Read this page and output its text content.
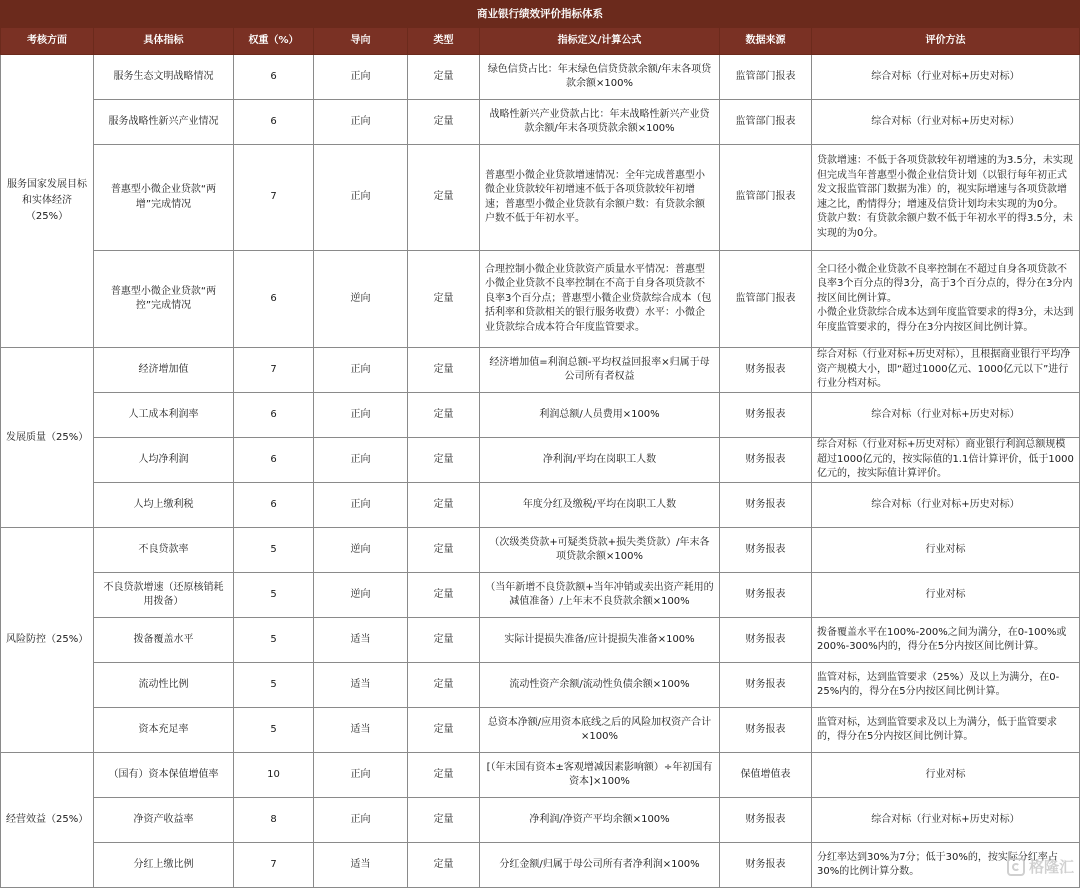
商业银行绩效评价指标体系							
考核方面	具体指标	权重（%）	导向	类型	指标定义/计算公式	数据来源	评价方法
服务国家发展目标和实体经济（25%）	服务生态文明战略情况	6	正向	定量	绿色信贷占比：年末绿色信贷贷款余额/年末各项贷款余额×100%	监管部门报表	综合对标（行业对标+历史对标）
	服务战略性新兴产业情况	6	正向	定量	战略性新兴产业贷款占比：年末战略性新兴产业贷款余额/年末各项贷款余额×100%	监管部门报表	综合对标（行业对标+历史对标）
	普惠型小微企业贷款“两增”完成情况	7	正向	定量	普惠型小微企业贷款增速情况：全年完成普惠型小微企业贷款较年初增速不低于各项贷款较年初增速；普惠型小微企业贷款有余额户数：有贷款余额户数不低于年初水平。	监管部门报表	贷款增速：不低于各项贷款较年初增速的为3.5分，未实现但完成当年普惠型小微企业信贷计划（以银行每年初正式发文报监管部门数据为准）的，视实际增速与各项贷款增速之比，酌情得分；增速及信贷计划均未实现的为0分。
贷款户数：有贷款余额户数不低于年初水平的得3.5分，未实现的为0分。
	普惠型小微企业贷款“两控”完成情况	6	逆向	定量	合理控制小微企业贷款资产质量水平情况：普惠型小微企业贷款不良率控制在不高于自身各项贷款不良率3个百分点；普惠型小微企业贷款综合成本（包括利率和贷款相关的银行服务收费）水平：小微企业贷款综合成本符合年度监管要求。	监管部门报表	全口径小微企业贷款不良率控制在不超过自身各项贷款不良率3个百分点的得3分，高于3个百分点的，得分在3分内按区间比例计算。
小微企业贷款综合成本达到年度监管要求的得3分，未达到年度监管要求的，得分在3分内按区间比例计算。
发展质量（25%）	经济增加值	7	正向	定量	经济增加值=利润总额-平均权益回报率×归属于母公司所有者权益	财务报表	综合对标（行业对标+历史对标），且根据商业银行平均净资产规模大小，即“超过1000亿元、1000亿元以下”进行行业分档对标。
	人工成本利润率	6	正向	定量	利润总额/人员费用×100%	财务报表	综合对标（行业对标+历史对标）
	人均净利润	6	正向	定量	净利润/平均在岗职工人数	财务报表	综合对标（行业对标+历史对标）商业银行利润总额规模超过1000亿元的，按实际值的1.1倍计算评价，低于1000亿元的，按实际值计算评价。
	人均上缴利税	6	正向	定量	年度分红及缴税/平均在岗职工人数	财务报表	综合对标（行业对标+历史对标）
风险防控（25%）	不良贷款率	5	逆向	定量	（次级类贷款+可疑类贷款+损失类贷款）/年末各项贷款余额×100%	财务报表	行业对标
	不良贷款增速（还原核销耗用拨备）	5	逆向	定量	（当年新增不良贷款额+当年冲销或卖出资产耗用的减值准备）/上年末不良贷款余额×100%	财务报表	行业对标
	拨备覆盖水平	5	适当	定量	实际计提损失准备/应计提损失准备×100%	财务报表	拨备覆盖水平在100%-200%之间为满分，在0-100%或200%-300%内的，得分在5分内按区间比例计算。
	流动性比例	5	适当	定量	流动性资产余额/流动性负债余额×100%	财务报表	监管对标，达到监管要求（25%）及以上为满分，在0-25%内的，得分在5分内按区间比例计算。
	资本充足率	5	适当	定量	总资本净额/应用资本底线之后的风险加权资产合计×100%	财务报表	监管对标，达到监管要求及以上为满分，低于监管要求的，得分在5分内按区间比例计算。
经营效益（25%）	（国有）资本保值增值率	10	正向	定量	[（年末国有资本±客观增减因素影响额）÷年初国有资本]×100%	保值增值表	行业对标
	净资产收益率	8	正向	定量	净利润/净资产平均余额×100%	财务报表	综合对标（行业对标+历史对标）
	分红上缴比例	7	适当	定量	分红金额/归属于母公司所有者净利润×100%	财务报表	分红率达到30%为7分；低于30%的，按实际分红率占30%的比例计算分数。	格隆汇
